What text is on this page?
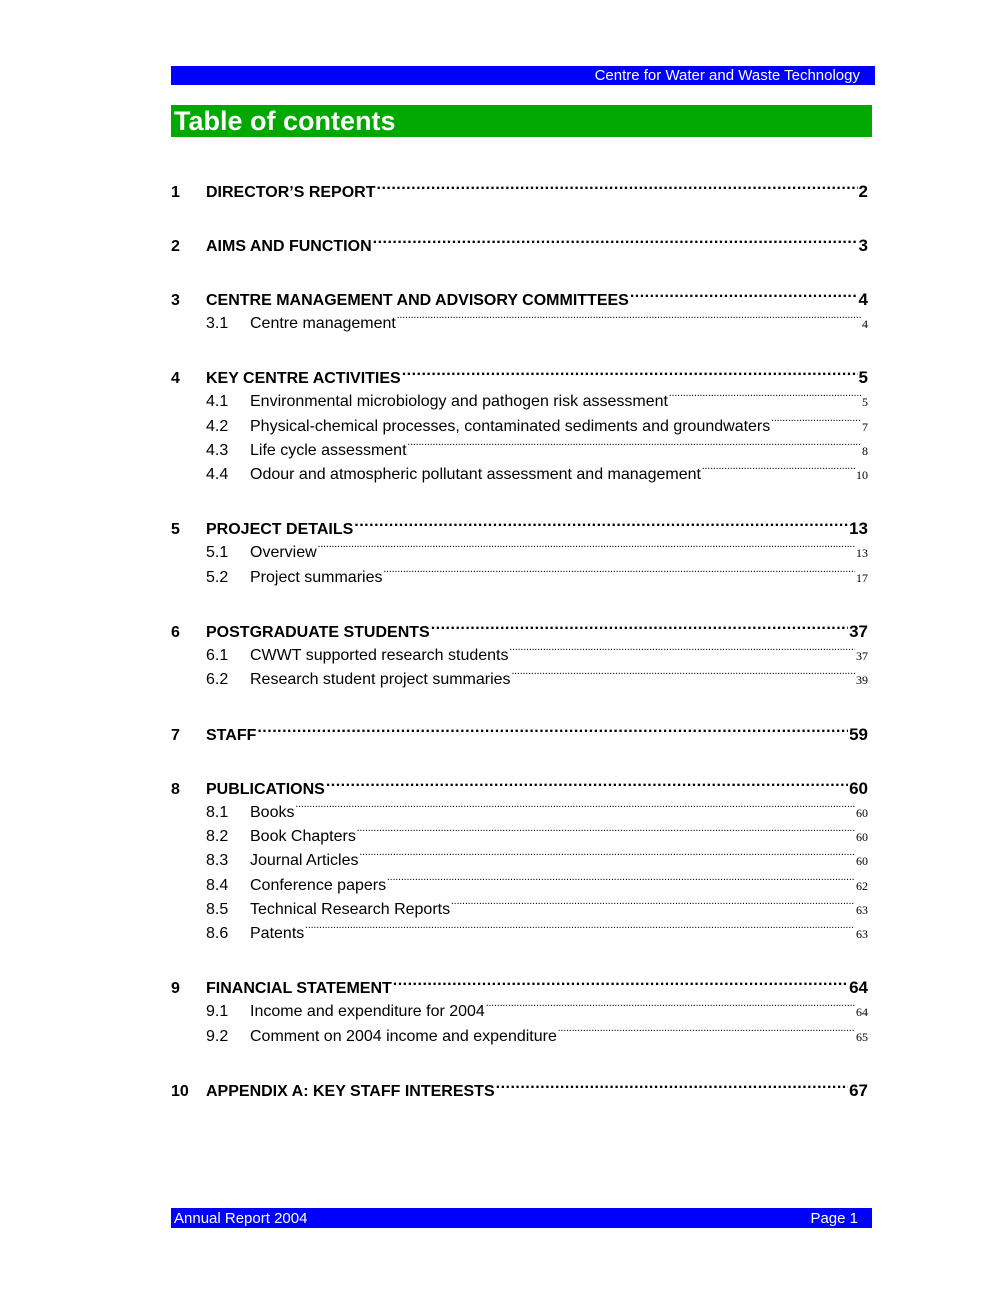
Centre for Water and Waste Technology
Table of contents
1	DIRECTOR’S REPORT .....	2
2	AIMS AND FUNCTION .....	3
3	CENTRE MANAGEMENT AND ADVISORY COMMITTEES .....	4
3.1	Centre management .....	4
4	KEY CENTRE ACTIVITIES .....	5
4.1	Environmental microbiology and pathogen risk assessment .....	5
4.2	Physical-chemical processes, contaminated sediments and groundwaters .....	7
4.3	Life cycle assessment .....	8
4.4	Odour and atmospheric pollutant assessment and management .....	10
5	PROJECT DETAILS .....	13
5.1	Overview .....	13
5.2	Project summaries .....	17
6	POSTGRADUATE STUDENTS .....	37
6.1	CWWT supported research students .....	37
6.2	Research student project summaries .....	39
7	STAFF .....	59
8	PUBLICATIONS .....	60
8.1	Books .....	60
8.2	Book Chapters .....	60
8.3	Journal Articles .....	60
8.4	Conference papers .....	62
8.5	Technical Research Reports .....	63
8.6	Patents .....	63
9	FINANCIAL STATEMENT .....	64
9.1	Income and expenditure for 2004 .....	64
9.2	Comment on 2004 income and expenditure .....	65
10	APPENDIX A: KEY STAFF INTERESTS .....	67
Annual Report 2004	Page 1
